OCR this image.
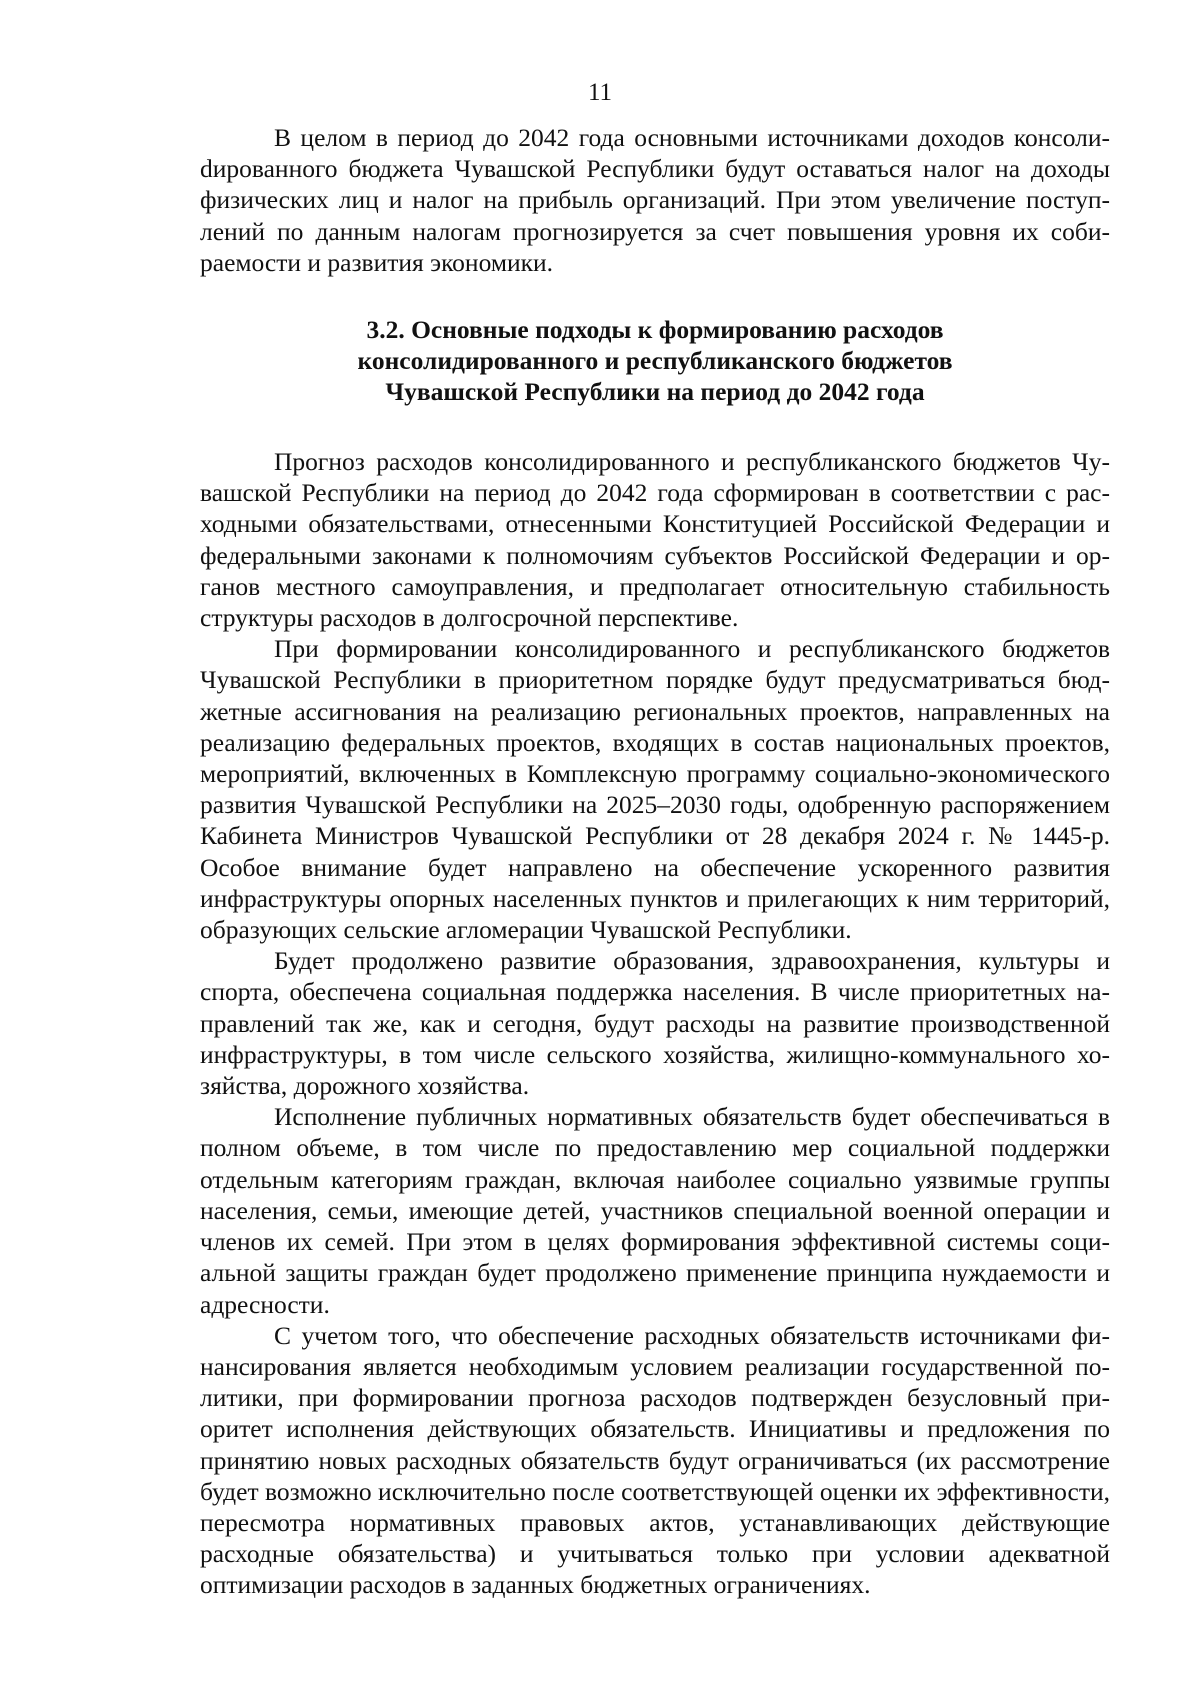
11

В целом в период до 2042 года основными источниками доходов консолиdированного бюджета Чувашской Республики будут оставаться налог на доходы физических лиц и налог на прибыль организаций. При этом увеличение поступлений по данным налогам прогнозируется за счет повышения уровня их собираемости и развития экономики.

3.2. Основные подходы к формированию расходов
консолидированного и республиканского бюджетов
Чувашской Республики на период до 2042 года

Прогноз расходов консолидированного и республиканского бюджетов Чувашской Республики на период до 2042 года сформирован в соответствии с расходными обязательствами, отнесенными Конституцией Российской Федерации и федеральными законами к полномочиям субъектов Российской Федерации и органов местного самоуправления, и предполагает относительную стабильность структуры расходов в долгосрочной перспективе.

При формировании консолидированного и республиканского бюджетов Чувашской Республики в приоритетном порядке будут предусматриваться бюджетные ассигнования на реализацию региональных проектов, направленных на реализацию федеральных проектов, входящих в состав национальных проектов, мероприятий, включенных в Комплексную программу социально-экономического развития Чувашской Республики на 2025–2030 годы, одобренную распоряжением Кабинета Министров Чувашской Республики от 28 декабря 2024 г. № 1445-р. Особое внимание будет направлено на обеспечение ускоренного развития инфраструктуры опорных населенных пунктов и прилегающих к ним территорий, образующих сельские агломерации Чувашской Республики.

Будет продолжено развитие образования, здравоохранения, культуры и спорта, обеспечена социальная поддержка населения. В числе приоритетных направлений так же, как и сегодня, будут расходы на развитие производственной инфраструктуры, в том числе сельского хозяйства, жилищно-коммунального хозяйства, дорожного хозяйства.

Исполнение публичных нормативных обязательств будет обеспечиваться в полном объеме, в том числе по предоставлению мер социальной поддержки отдельным категориям граждан, включая наиболее социально уязвимые группы населения, семьи, имеющие детей, участников специальной военной операции и членов их семей. При этом в целях формирования эффективной системы социальной защиты граждан будет продолжено применение принципа нуждаемости и адресности.

С учетом того, что обеспечение расходных обязательств источниками финансирования является необходимым условием реализации государственной политики, при формировании прогноза расходов подтвержден безусловный приоритет исполнения действующих обязательств. Инициативы и предложения по принятию новых расходных обязательств будут ограничиваться (их рассмотрение будет возможно исключительно после соответствующей оценки их эффективности, пересмотра нормативных правовых актов, устанавливающих действующие расходные обязательства) и учитываться только при условии адекватной оптимизации расходов в заданных бюджетных ограничениях.
